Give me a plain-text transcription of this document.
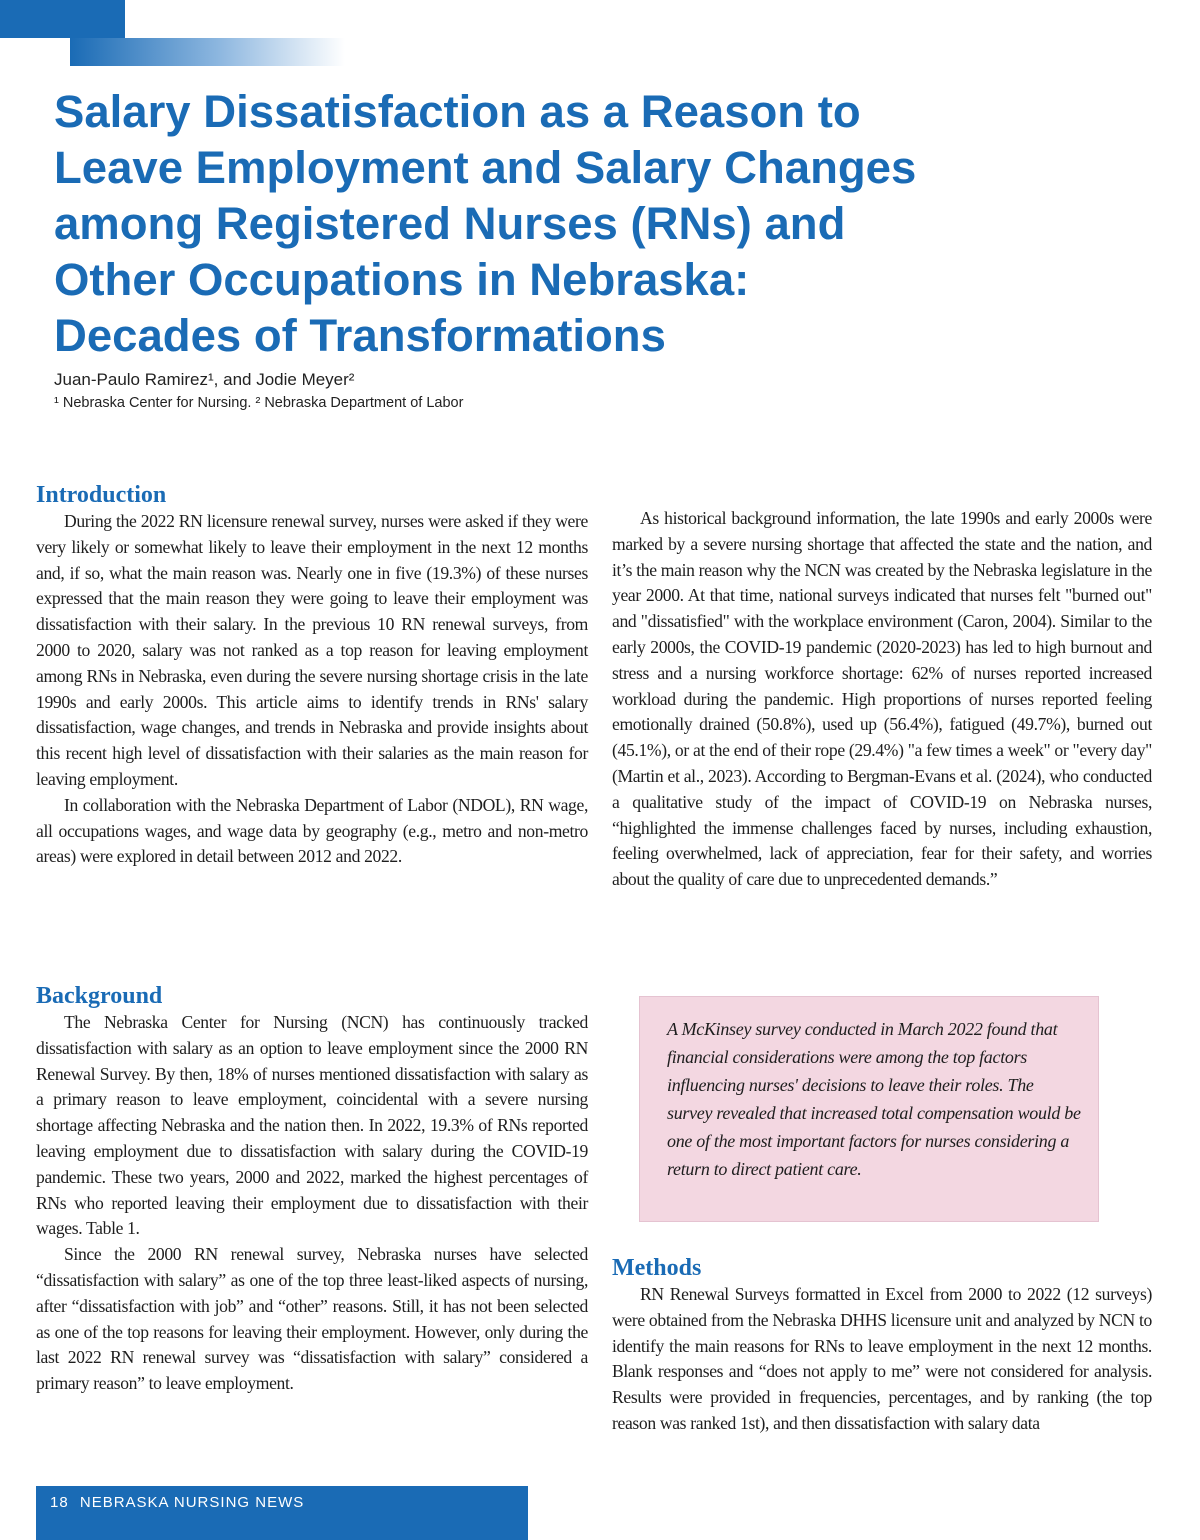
Salary Dissatisfaction as a Reason to
Leave Employment and Salary Changes
among Registered Nurses (RNs) and
Other Occupations in Nebraska:
Decades of Transformations
Juan-Paulo Ramirez¹, and Jodie Meyer²
¹ Nebraska Center for Nursing. ² Nebraska Department of Labor
Introduction

During the 2022 RN licensure renewal survey, nurses were asked if they were very likely or somewhat likely to leave their employment in the next 12 months and, if so, what the main reason was. Nearly one in five (19.3%) of these nurses expressed that the main reason they were going to leave their employment was dissatisfaction with their salary. In the previous 10 RN renewal surveys, from 2000 to 2020, salary was not ranked as a top reason for leaving employment among RNs in Nebraska, even during the severe nursing shortage crisis in the late 1990s and early 2000s. This article aims to identify trends in RNs' salary dissatisfaction, wage changes, and trends in Nebraska and provide insights about this recent high level of dissatisfaction with their salaries as the main reason for leaving employment.

In collaboration with the Nebraska Department of Labor (NDOL), RN wage, all occupations wages, and wage data by geography (e.g., metro and non-metro areas) were explored in detail between 2012 and 2022.

Background

The Nebraska Center for Nursing (NCN) has continuously tracked dissatisfaction with salary as an option to leave employment since the 2000 RN Renewal Survey. By then, 18% of nurses mentioned dissatisfaction with salary as a primary reason to leave employment, coincidental with a severe nursing shortage affecting Nebraska and the nation then. In 2022, 19.3% of RNs reported leaving employment due to dissatisfaction with salary during the COVID-19 pandemic. These two years, 2000 and 2022, marked the highest percentages of RNs who reported leaving their employment due to dissatisfaction with their wages. Table 1.

Since the 2000 RN renewal survey, Nebraska nurses have selected “dissatisfaction with salary” as one of the top three least-liked aspects of nursing, after “dissatisfaction with job” and “other” reasons. Still, it has not been selected as one of the top reasons for leaving their employment. However, only during the last 2022 RN renewal survey was “dissatisfaction with salary” considered a primary reason” to leave employment.

As historical background information, the late 1990s and early 2000s were marked by a severe nursing shortage that affected the state and the nation, and it’s the main reason why the NCN was created by the Nebraska legislature in the year 2000. At that time, national surveys indicated that nurses felt "burned out" and "dissatisfied" with the workplace environment (Caron, 2004). Similar to the early 2000s, the COVID-19 pandemic (2020-2023) has led to high burnout and stress and a nursing workforce shortage: 62% of nurses reported increased workload during the pandemic. High proportions of nurses reported feeling emotionally drained (50.8%), used up (56.4%), fatigued (49.7%), burned out (45.1%), or at the end of their rope (29.4%) "a few times a week" or "every day" (Martin et al., 2023). According to Bergman-Evans et al. (2024), who conducted a qualitative study of the impact of COVID-19 on Nebraska nurses, “highlighted the immense challenges faced by nurses, including exhaustion, feeling overwhelmed, lack of appreciation, fear for their safety, and worries about the quality of care due to unprecedented demands.”

A McKinsey survey conducted in March 2022 found that financial considerations were among the top factors influencing nurses' decisions to leave their roles. The survey revealed that increased total compensation would be one of the most important factors for nurses considering a return to direct patient care.

Methods

RN Renewal Surveys formatted in Excel from 2000 to 2022 (12 surveys) were obtained from the Nebraska DHHS licensure unit and analyzed by NCN to identify the main reasons for RNs to leave employment in the next 12 months. Blank responses and “does not apply to me” were not considered for analysis. Results were provided in frequencies, percentages, and by ranking (the top reason was ranked 1st), and then dissatisfaction with salary data

18 NEBRASKA NURSING NEWS
